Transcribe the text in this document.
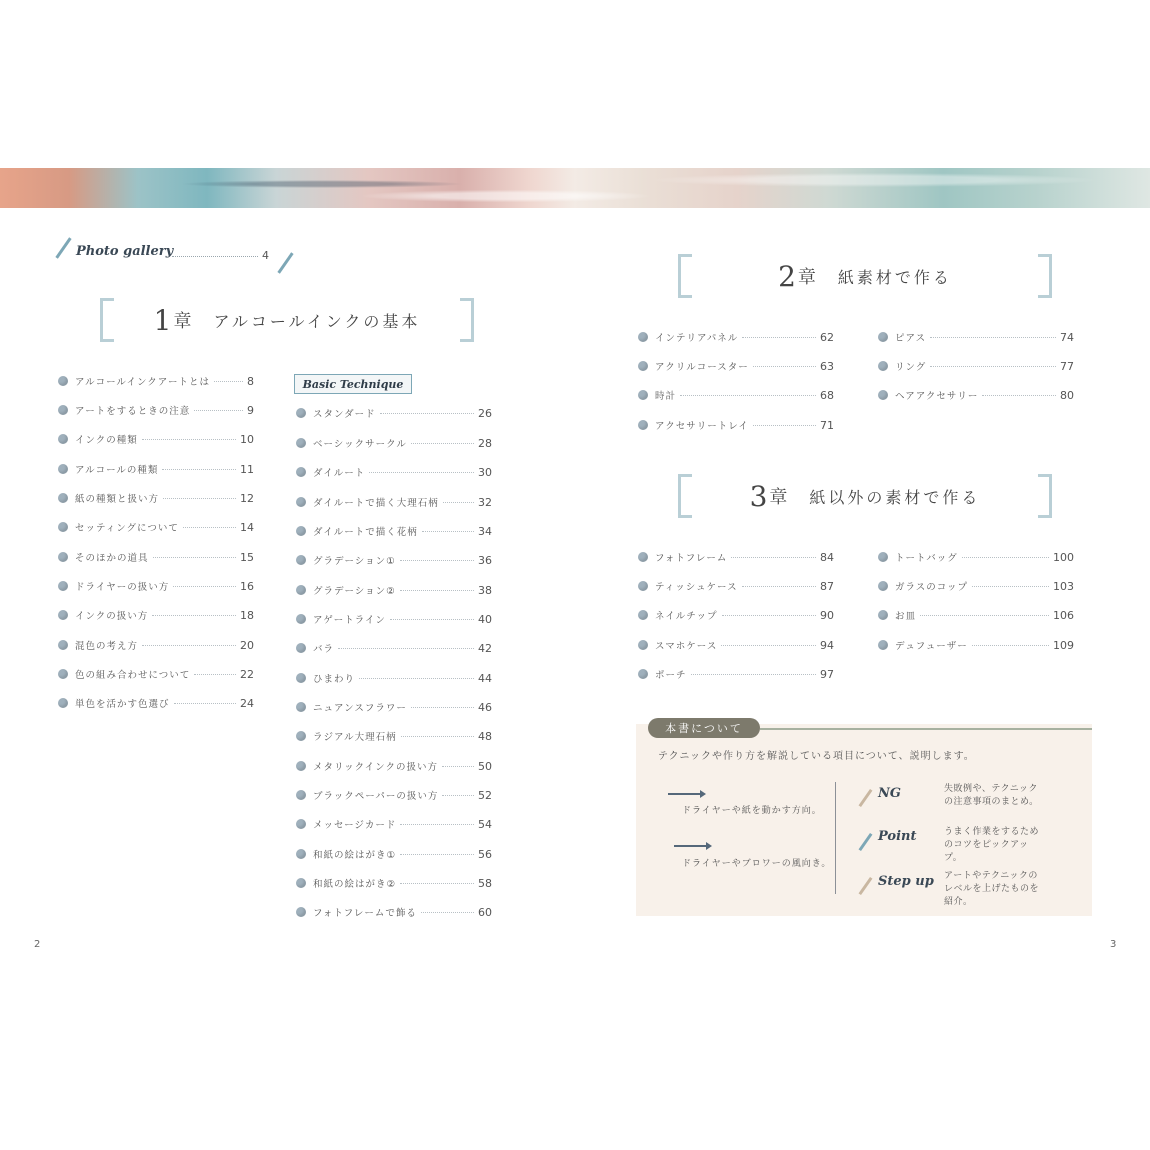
Photo gallery	4
1 章 アルコールインクの基本
アルコールインクアートとは	8
アートをするときの注意	9
インクの種類	10
アルコールの種類	11
紙の種類と扱い方	12
セッティングについて	14
そのほかの道具	15
ドライヤーの扱い方	16
インクの扱い方	18
混色の考え方	20
色の組み合わせについて	22
単色を活かす色選び	24
Basic Technique
スタンダード	26
ベーシックサークル	28
ダイルート	30
ダイルートで描く大理石柄	32
ダイルートで描く花柄	34
グラデーション①	36
グラデーション②	38
アゲートライン	40
バラ	42
ひまわり	44
ニュアンスフラワー	46
ラジアル大理石柄	48
メタリックインクの扱い方	50
ブラックペーパーの扱い方	52
メッセージカード	54
和紙の絵はがき①	56
和紙の絵はがき②	58
フォトフレームで飾る	60
2 章 紙素材で作る
インテリアパネル	62
アクリルコースター	63
時計	68
アクセサリートレイ	71
ピアス	74
リング	77
ヘアアクセサリー	80
3 章 紙以外の素材で作る
フォトフレーム	84
ティッシュケース	87
ネイルチップ	90
スマホケース	94
ポーチ	97
トートバッグ	100
ガラスのコップ	103
お皿	106
デュフューザー	109
本書について
テクニックや作り方を解説している項目について、説明します。
ドライヤーや紙を動かす方向。
ドライヤーやブロワーの風向き。
NG	失敗例や、テクニックの注意事項のまとめ。
Point	うまく作業をするためのコツをピックアップ。
Step up アートやテクニックのレベルを上げたものを紹介。
2	3
